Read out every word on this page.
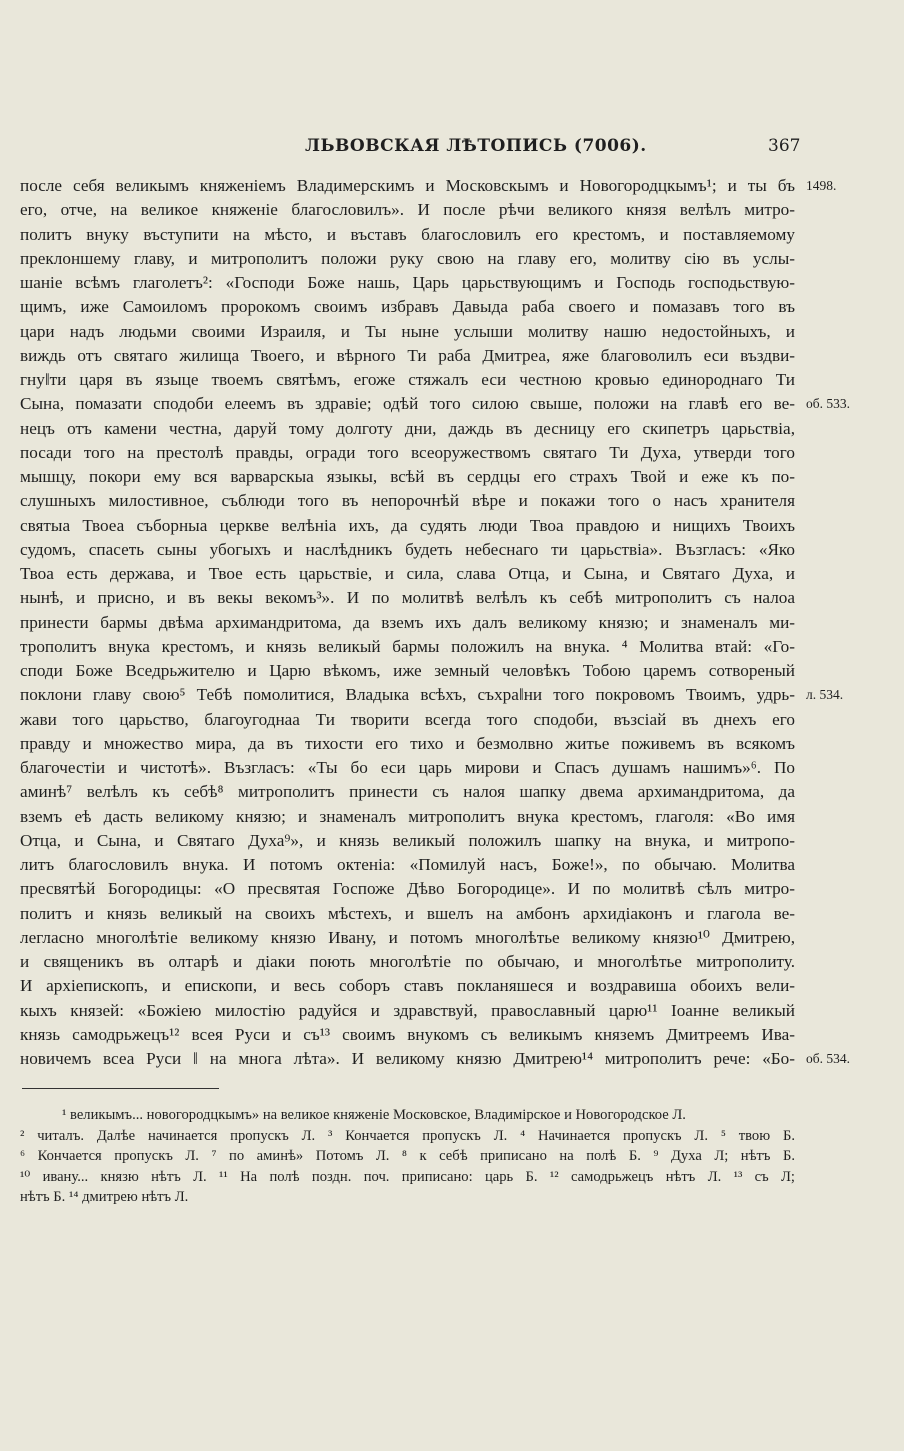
ЛЬВОВСКАЯ ЛѢТОПИСЬ (7006).	367
после себя великымъ княженіемъ Владимерскимъ и Московскымъ и Новогородцкымъ¹; и ты бъ
его, отче, на великое княженіе благословилъ». И после рѣчи великого князя велѣлъ митро-
политъ внуку въступити на мѣсто, и въставъ благословилъ его крестомъ, и поставляемому
преклоншему главу, и митрополитъ положи руку свою на главу его, молитву сію въ услы-
шаніе всѣмъ глаголетъ²: «Господи Боже нашь, Царь царьствующимъ и Господь господьствую-
щимъ, иже Самоиломъ пророкомъ своимъ избравъ Давыда раба своего и помазавъ того въ
цари надъ людьми своими Израиля, и Ты ныне услыши молитву нашю недостойныхъ, и
виждь отъ святаго жилища Твоего, и вѣрного Ти раба Дмитреа, яже благоволилъ еси въздви-
гну‖ти царя въ языце твоемъ святѣмъ, егоже стяжалъ еси честною кровью единороднаго Ти
Сына, помазати сподоби елеемъ въ здравіе; одѣй того силою свыше, положи на главѣ его ве-
нецъ отъ камени честна, даруй тому долготу дни, даждь въ десницу его скипетръ царьствіа,
посади того на престолѣ правды, огради того всеоружествомъ святаго Ти Духа, утверди того
мышцу, покори ему вся варварскыа языкы, всѣй въ сердцы его страхъ Твой и еже къ по-
слушныхъ милостивное, съблюди того въ непорочнѣй вѣре и покажи того о насъ хранителя
святыа Твоеа съборныа церкве велѣніа ихъ, да судять люди Твоа правдою и нищихъ Твоихъ
судомъ, спасеть сыны убогыхъ и наслѣдникъ будеть небеснаго ти царьствіа». Възгласъ: «Яко
Твоа есть держава, и Твое есть царьствіе, и сила, слава Отца, и Сына, и Святаго Духа, и
нынѣ, и присно, и въ векы векомъ³». И по молитвѣ велѣлъ къ себѣ митрополитъ съ налоа
принести бармы двѣма архимандритома, да вземъ ихъ далъ великому князю; и знаменалъ ми-
трополитъ внука крестомъ, и князь великый бармы положилъ на внука. ⁴ Молитва втай: «Го-
споди Боже Вседрьжителю и Царю вѣкомъ, иже земный человѣкъ Тобою царемъ сотвореный
поклони главу свою⁵ Тебѣ помолитися, Владыка всѣхъ, съхра‖ни того покровомъ Твоимъ, удрь-
жави того царьство, благоугоднаа Ти творити всегда того сподоби, възсіай въ днехъ его
правду и множество мира, да въ тихости его тихо и безмолвно житье поживемъ въ всякомъ
благочестіи и чистотѣ». Възгласъ: «Ты бо еси царь мирови и Спасъ душамъ нашимъ»⁶. По
аминѣ⁷ велѣлъ къ себѣ⁸ митрополитъ принести съ налоя шапку двема архимандритома, да
вземъ еѣ дасть великому князю; и знаменалъ митрополитъ внука крестомъ, глаголя: «Во имя
Отца, и Сына, и Святаго Духа⁹», и князь великый положилъ шапку на внука, и митропо-
литъ благословилъ внука. И потомъ октеніа: «Помилуй насъ, Боже!», по обычаю. Молитва
пресвятѣй Богородицы: «О пресвятая Госпоже Дѣво Богородице». И по молитвѣ сѣлъ митро-
политъ и князь великый на своихъ мѣстехъ, и вшелъ на амбонъ архидіаконъ и глагола ве-
легласно многолѣтіе великому князю Ивану, и потомъ многолѣтье великому князю¹⁰ Дмитрею,
и священикъ въ олтарѣ и діаки поють многолѣтіе по обычаю, и многолѣтье митрополиту.
И архіепископъ, и епископи, и весь соборъ ставъ покланяшеся и воздравиша обоихъ вели-
кыхъ князей: «Божіею милостію радуйся и здравствуй, православный царю¹¹ Іоанне великый
князь самодрьжецъ¹² всея Руси и съ¹³ своимъ внукомъ съ великымъ княземъ Дмитреемъ Ива-
новичемъ всеа Руси ‖ на многа лѣта». И великому князю Дмитрею¹⁴ митрополитъ рече: «Бо-
1498.
об. 533.
л. 534.
об. 534.
¹ великымъ... новогородцкымъ» на великое княженіе Московское, Владимірское и Новогородское Л.
² читалъ. Далѣе начинается пропускъ Л. ³ Кончается пропускъ Л. ⁴ Начинается пропускъ Л. ⁵ твою Б.
⁶ Кончается пропускъ Л. ⁷ по аминѣ» Потомъ Л. ⁸ к себѣ приписано на полѣ Б. ⁹ Духа Л; нѣтъ Б.
¹⁰ ивану... князю нѣтъ Л. ¹¹ На полѣ поздн. поч. приписано: царь Б. ¹² самодрьжецъ нѣтъ Л. ¹³ съ Л;
нѣтъ Б. ¹⁴ дмитрею нѣтъ Л.
